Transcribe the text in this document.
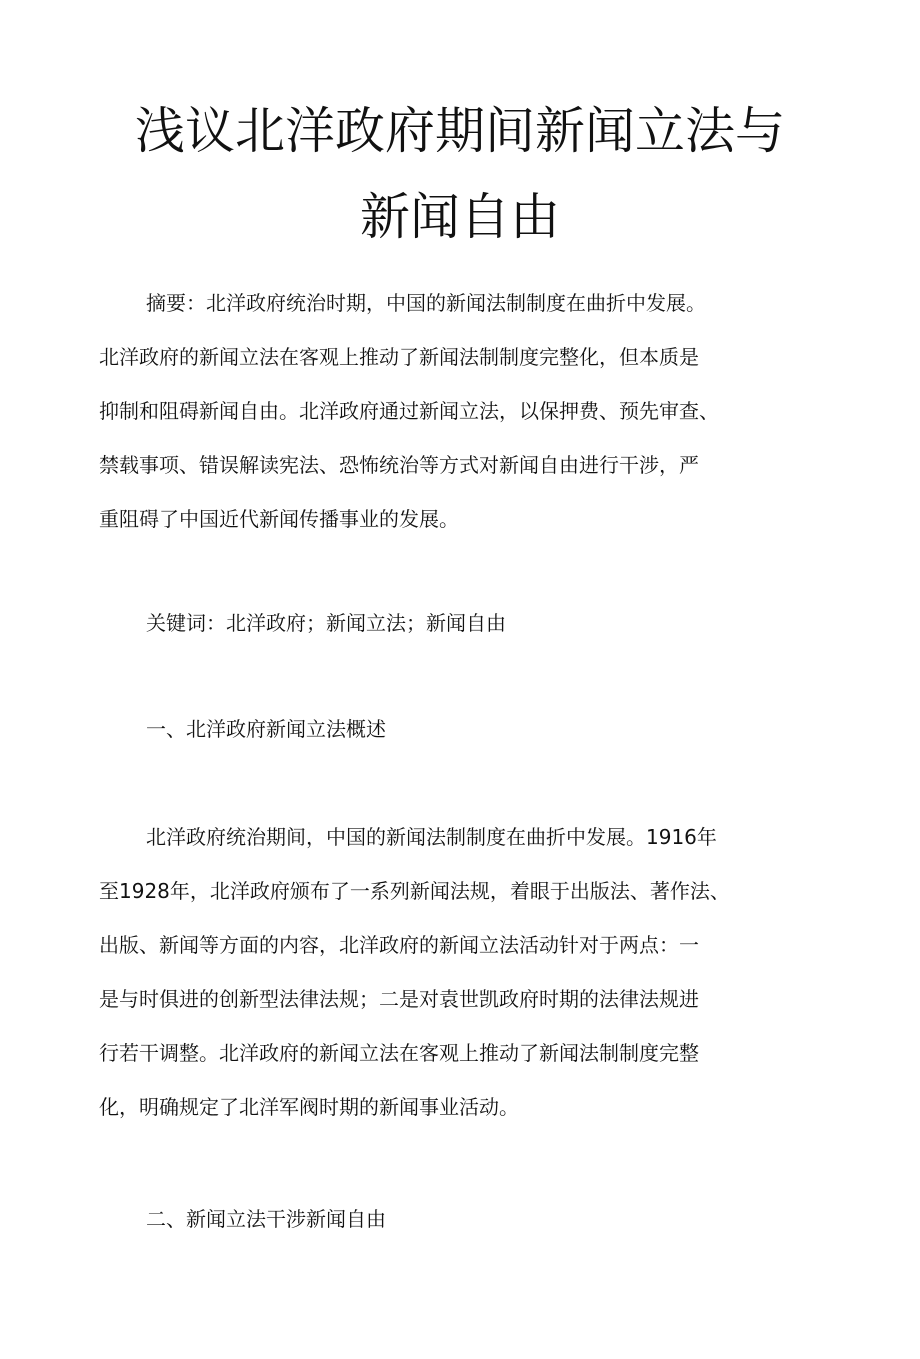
浅议北洋政府期间新闻立法与
新闻自由

摘要：北洋政府统治时期，中国的新闻法制制度在曲折中发展。

北洋政府的新闻立法在客观上推动了新闻法制制度完整化，但本质是

抑制和阻碍新闻自由。北洋政府通过新闻立法，以保押费、预先审查、

禁载事项、错误解读宪法、恐怖统治等方式对新闻自由进行干涉，严

重阻碍了中国近代新闻传播事业的发展。

关键词：北洋政府；新闻立法；新闻自由

一、北洋政府新闻立法概述

北洋政府统治期间，中国的新闻法制制度在曲折中发展。1916年

至1928年，北洋政府颁布了一系列新闻法规，着眼于出版法、著作法、

出版、新闻等方面的内容，北洋政府的新闻立法活动针对于两点：一

是与时俱进的创新型法律法规；二是对袁世凯政府时期的法律法规进

行若干调整。北洋政府的新闻立法在客观上推动了新闻法制制度完整

化，明确规定了北洋军阀时期的新闻事业活动。

二、新闻立法干涉新闻自由
